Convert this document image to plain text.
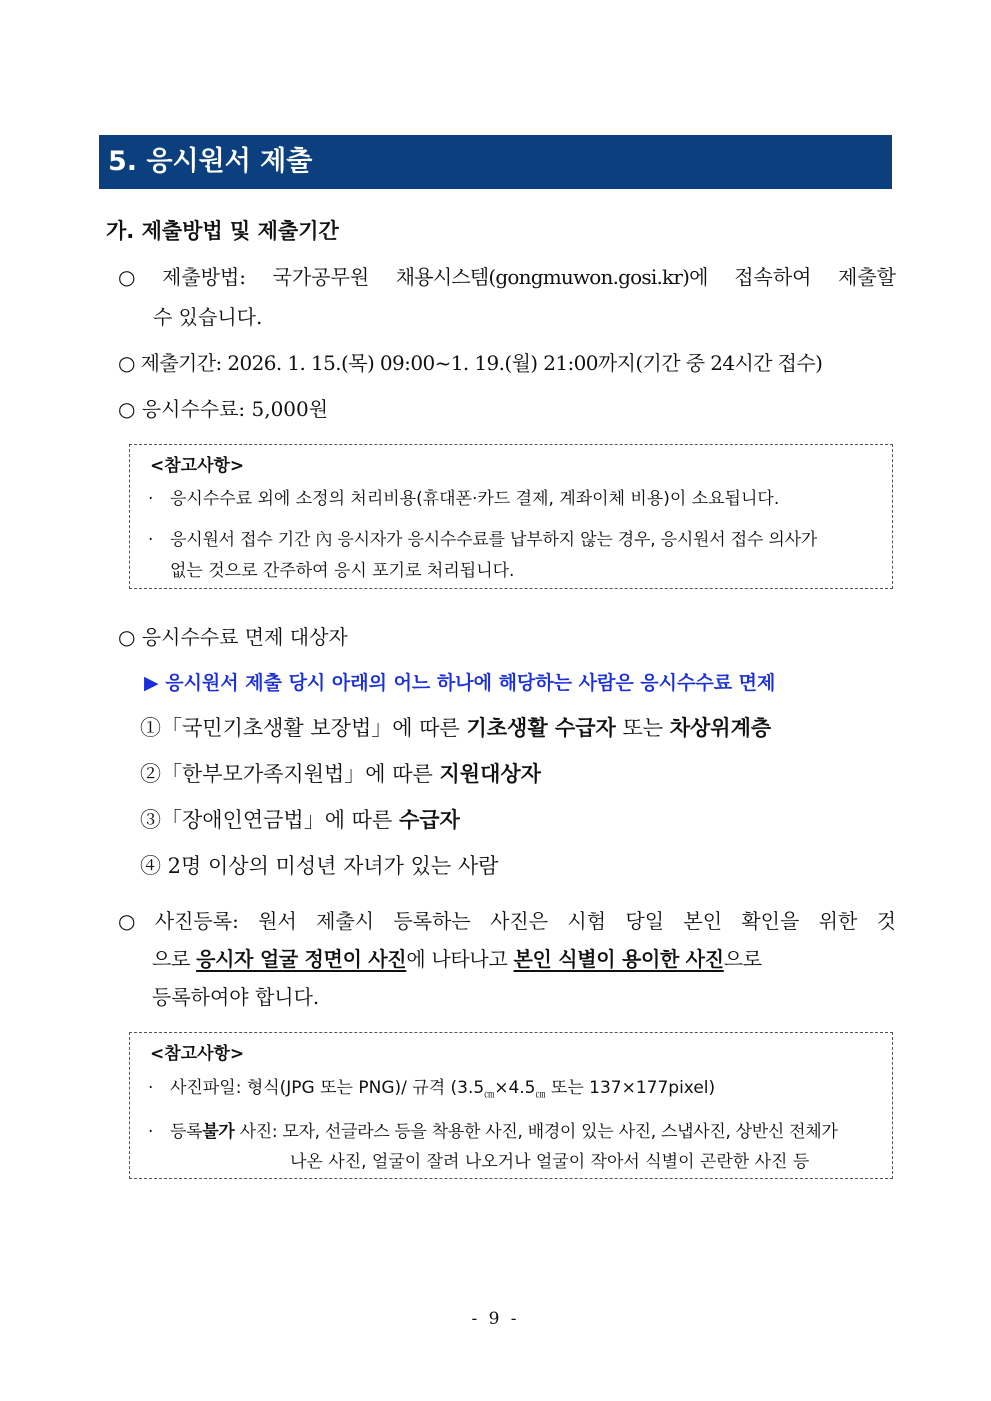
5. 응시원서 제출
가. 제출방법 및 제출기간
○ 제출방법: 국가공무원 채용시스템(gongmuwon.gosi.kr)에 접속하여 제출할
수 있습니다.
○ 제출기간: 2026. 1. 15.(목) 09:00~1. 19.(월) 21:00까지(기간 중 24시간 접수)
○ 응시수수료: 5,000원
<참고사항>
· 응시수수료 외에 소정의 처리비용(휴대폰·카드 결제, 계좌이체 비용)이 소요됩니다.
· 응시원서 접수 기간 內 응시자가 응시수수료를 납부하지 않는 경우, 응시원서 접수 의사가
없는 것으로 간주하여 응시 포기로 처리됩니다.
○ 응시수수료 면제 대상자
▶ 응시원서 제출 당시 아래의 어느 하나에 해당하는 사람은 응시수수료 면제
①「국민기초생활 보장법」에 따른 기초생활 수급자 또는 차상위계층
②「한부모가족지원법」에 따른 지원대상자
③「장애인연금법」에 따른 수급자
④ 2명 이상의 미성년 자녀가 있는 사람
○ 사진등록: 원서 제출시 등록하는 사진은 시험 당일 본인 확인을 위한 것
으로 응시자 얼굴 정면이 사진에 나타나고 본인 식별이 용이한 사진으로
등록하여야 합니다.
<참고사항>
· 사진파일: 형식(JPG 또는 PNG)/ 규격 ($3.5_㎝\times 4.5_㎝$ 또는 137×177pixel)
· 등록불가 사진: 모자, 선글라스 등을 착용한 사진, 배경이 있는 사진, 스냅사진, 상반신 전체가
나온 사진, 얼굴이 잘려 나오거나 얼굴이 작아서 식별이 곤란한 사진 등
- 9 -
